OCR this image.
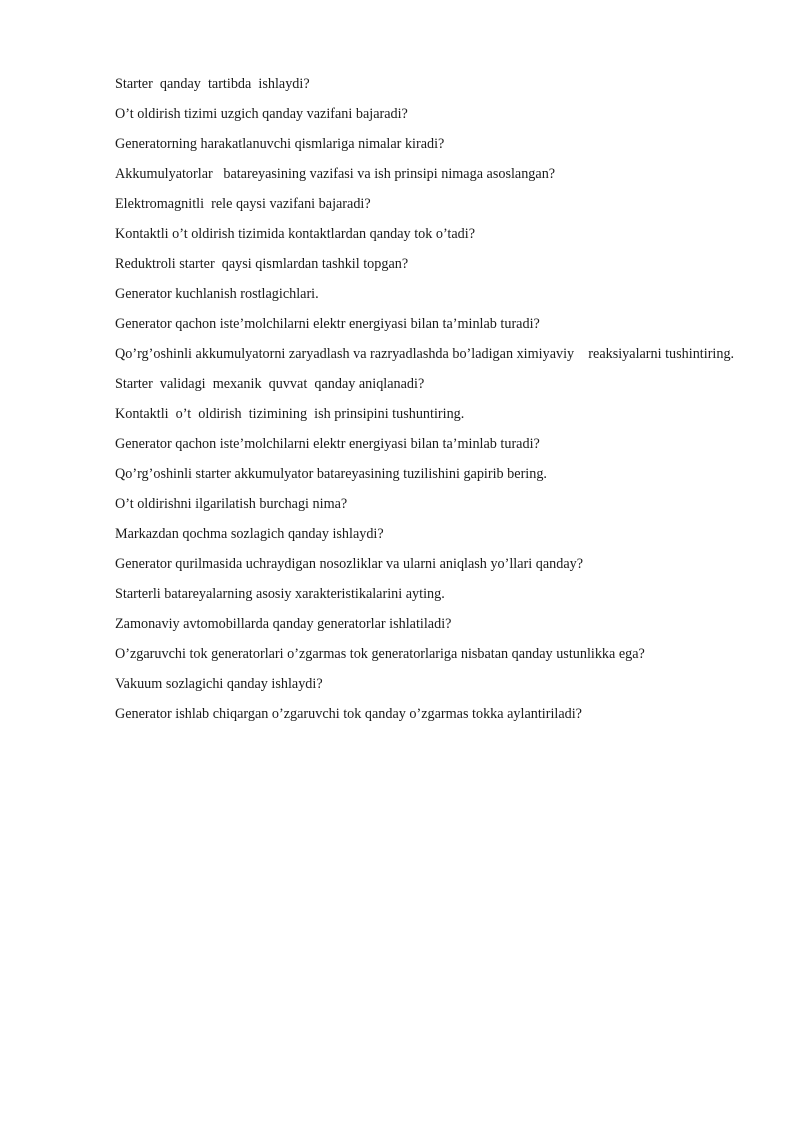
Starter  qanday  tartibda  ishlaydi?
O’t oldirish tizimi uzgich qanday vazifani bajaradi?
Generatorning harakatlanuvchi qismlariga nimalar kiradi?
Akkumulyatorlar   batareyasining vazifasi va ish prinsipi nimaga asoslangan?
Elektromagnitli  rele qaysi vazifani bajaradi?
Kontaktli o’t oldirish tizimida kontaktlardan qanday tok o’tadi?
Reduktroli starter  qaysi qismlardan tashkil topgan?
Generator kuchlanish rostlagichlari.
Generator qachon iste’molchilarni elektr energiyasi bilan ta’minlab turadi?
Qo’rg’oshinli akkumulyatorni zaryadlash va razryadlashda bo’ladigan ximiyaviy    reaksiyalarni tushintiring.
Starter  validagi  mexanik  quvvat  qanday aniqlanadi?
Kontaktli  o’t  oldirish  tizimining  ish prinsipini tushuntiring.
Generator qachon iste’molchilarni elektr energiyasi bilan ta’minlab turadi?
Qo’rg’oshinli starter akkumulyator batareyasining tuzilishini gapirib bering.
O’t oldirishni ilgarilatish burchagi nima?
Markazdan qochma sozlagich qanday ishlaydi?
Generator qurilmasida uchraydigan nosozliklar va ularni aniqlash yo’llari qanday?
Starterli batareyalarning asosiy xarakteristikalarini ayting.
Zamonaviy avtomobillarda qanday generatorlar ishlatiladi?
O’zgaruvchi tok generatorlari o’zgarmas tok generatorlariga nisbatan qanday ustunlikka ega?
Vakuum sozlagichi qanday ishlaydi?
Generator ishlab chiqargan o’zgaruvchi tok qanday o’zgarmas tokka aylantiriladi?
